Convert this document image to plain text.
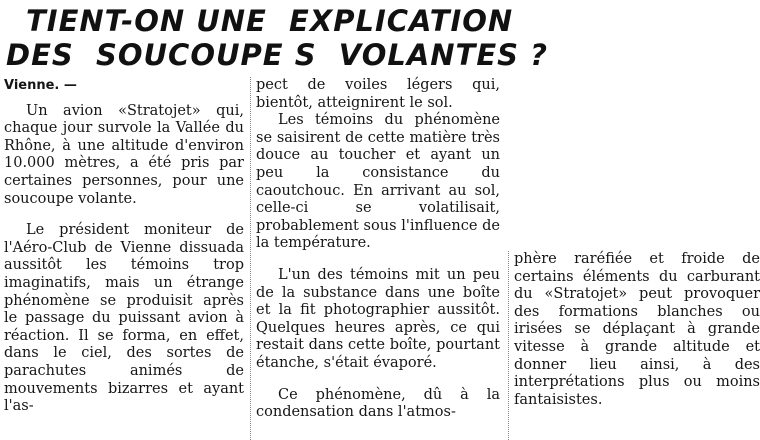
TIENT-ON UNE  EXPLICATION
DES  SOUCOUPE S  VOLANTES ?

Vienne. —

Un avion «Stratojet» qui, chaque jour survole la Vallée du Rhône, à une altitude d'environ 10.000 mètres, a été pris par certaines personnes, pour une soucoupe volante.

Le président moniteur de l'Aéro-Club de Vienne dissuada aussitôt les témoins trop imaginatifs, mais un étrange phénomène se produisit après le passage du puissant avion à réaction. Il se forma, en effet, dans le ciel, des sortes de parachutes animés de mouvements bizarres et ayant l'as-

pect de voiles légers qui, bientôt, atteignirent le sol.

Les témoins du phénomène se saisirent de cette matière très douce au toucher et ayant un peu la consistance du caoutchouc. En arrivant au sol, celle-ci se volatilisait, probablement sous l'influence de la température.

L'un des témoins mit un peu de la substance dans une boîte et la fit photographier aussitôt. Quelques heures après, ce qui restait dans cette boîte, pourtant étanche, s'était évaporé.

Ce phénomène, dû à la condensation dans l'atmos-

phère raréfiée et froide de certains éléments du carburant du «Stratojet» peut provoquer des formations blanches ou irisées se déplaçant à grande vitesse à grande altitude et donner lieu ainsi, à des interprétations plus ou moins fantaisistes.
